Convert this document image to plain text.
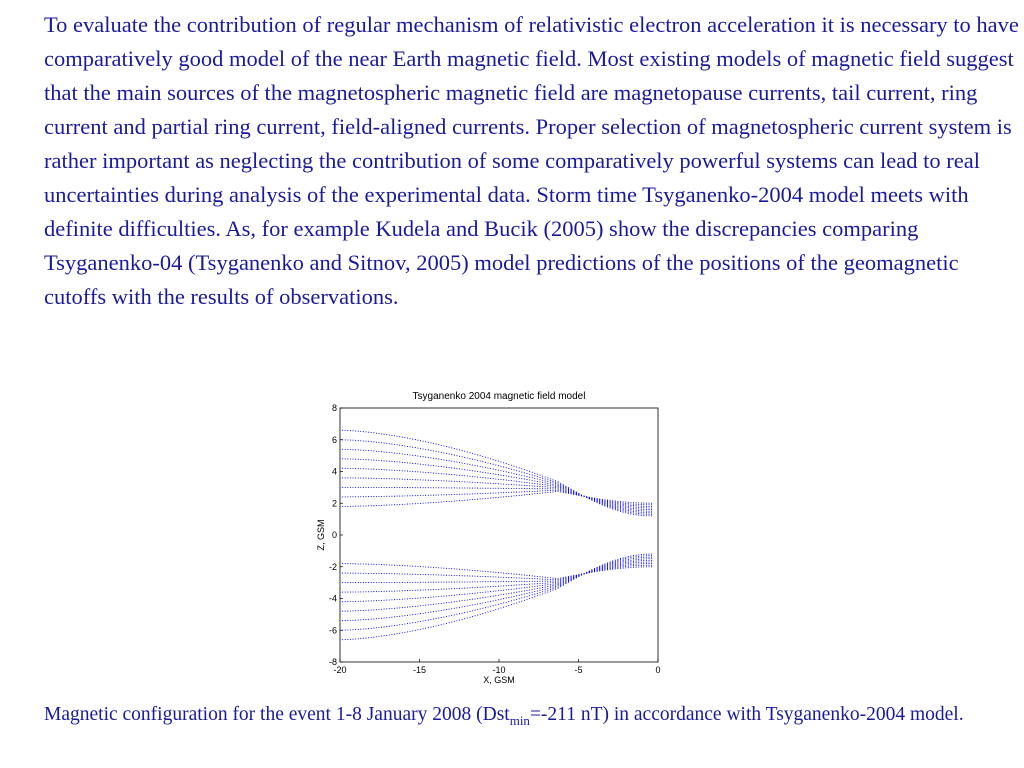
To evaluate the contribution of regular mechanism of relativistic electron acceleration it is necessary to have comparatively good model of the near Earth magnetic field. Most existing models of magnetic field suggest that the main sources of the magnetospheric magnetic field are magnetopause currents, tail current, ring current and partial ring current, field-aligned currents. Proper selection of magnetospheric current system is rather important as neglecting the contribution of some comparatively powerful systems can lead to real uncertainties during analysis of the experimental data. Storm time Tsyganenko-2004 model meets with definite difficulties. As, for example Kudela and Bucik (2005) show the discrepancies comparing Tsyganenko-04 (Tsyganenko and Sitnov, 2005) model predictions of the positions of the geomagnetic cutoffs with the results of observations.

Tsyganenko 2004 magnetic field model
-20	-15	-10	-5	0
8
6
4
2
0
-2
-4
-6
-8
X, GSM
Z, GSM

Magnetic configuration for the event 1-8 January 2008 (Dst$_{min}$=-211 nT) in accordance with Tsyganenko-2004 model.
